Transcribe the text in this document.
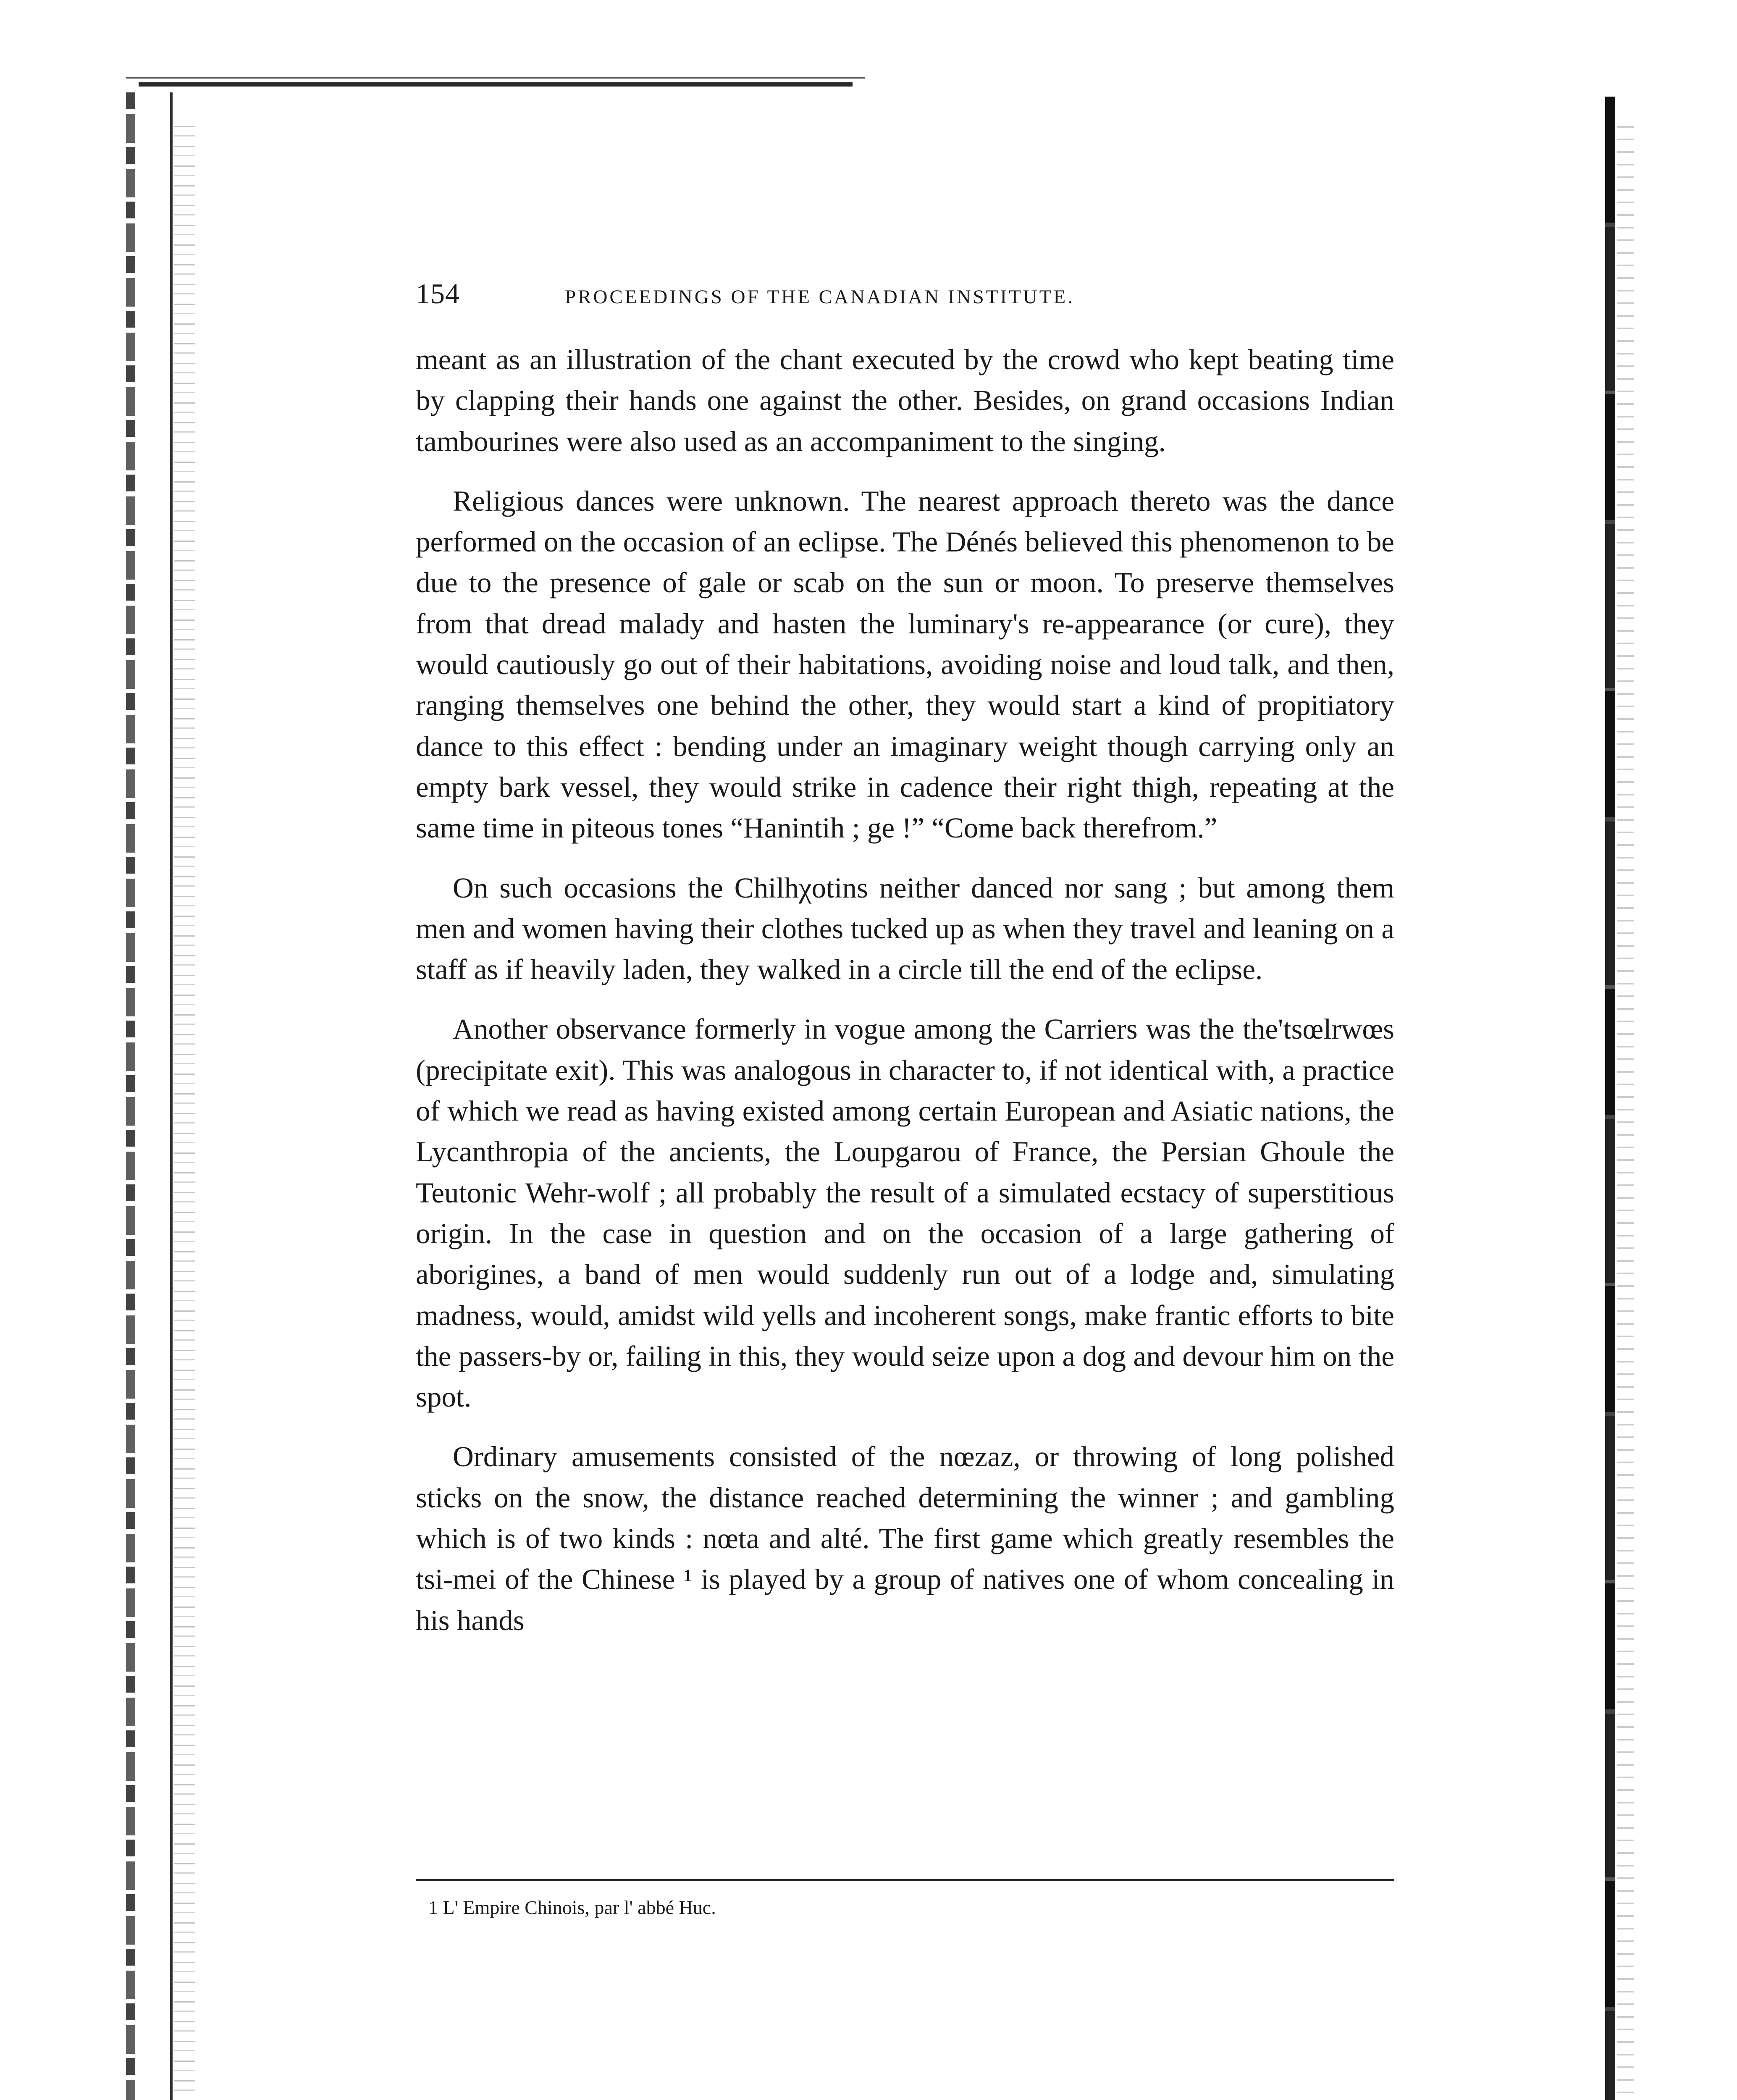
154	PROCEEDINGS OF THE CANADIAN INSTITUTE.

meant as an illustration of the chant executed by the crowd who kept beating time by clapping their hands one against the other. Besides, on grand occasions Indian tambourines were also used as an accompaniment to the singing.

Religious dances were unknown. The nearest approach thereto was the dance performed on the occasion of an eclipse. The Dénés believed this phenomenon to be due to the presence of gale or scab on the sun or moon. To preserve themselves from that dread malady and hasten the luminary's re-appearance (or cure), they would cautiously go out of their habitations, avoiding noise and loud talk, and then, ranging themselves one behind the other, they would start a kind of propitiatory dance to this effect : bending under an imaginary weight though carrying only an empty bark vessel, they would strike in cadence their right thigh, repeating at the same time in piteous tones “Hanintih ; ge !” “Come back therefrom.”

On such occasions the Chilhχotins neither danced nor sang ; but among them men and women having their clothes tucked up as when they travel and leaning on a staff as if heavily laden, they walked in a circle till the end of the eclipse.

Another observance formerly in vogue among the Carriers was the the'tsœlrwœs (precipitate exit). This was analogous in character to, if not identical with, a practice of which we read as having existed among certain European and Asiatic nations, the Lycanthropia of the ancients, the Loupgarou of France, the Persian Ghoule the Teutonic Wehr-wolf ; all probably the result of a simulated ecstacy of superstitious origin. In the case in question and on the occasion of a large gathering of aborigines, a band of men would suddenly run out of a lodge and, simulating madness, would, amidst wild yells and incoherent songs, make frantic efforts to bite the passers-by or, failing in this, they would seize upon a dog and devour him on the spot.

Ordinary amusements consisted of the nœzaz, or throwing of long polished sticks on the snow, the distance reached determining the winner ; and gambling which is of two kinds : nœta and alté. The first game which greatly resembles the tsi-mei of the Chinese ¹ is played by a group of natives one of whom concealing in his hands

1 L' Empire Chinois, par l' abbé Huc.
